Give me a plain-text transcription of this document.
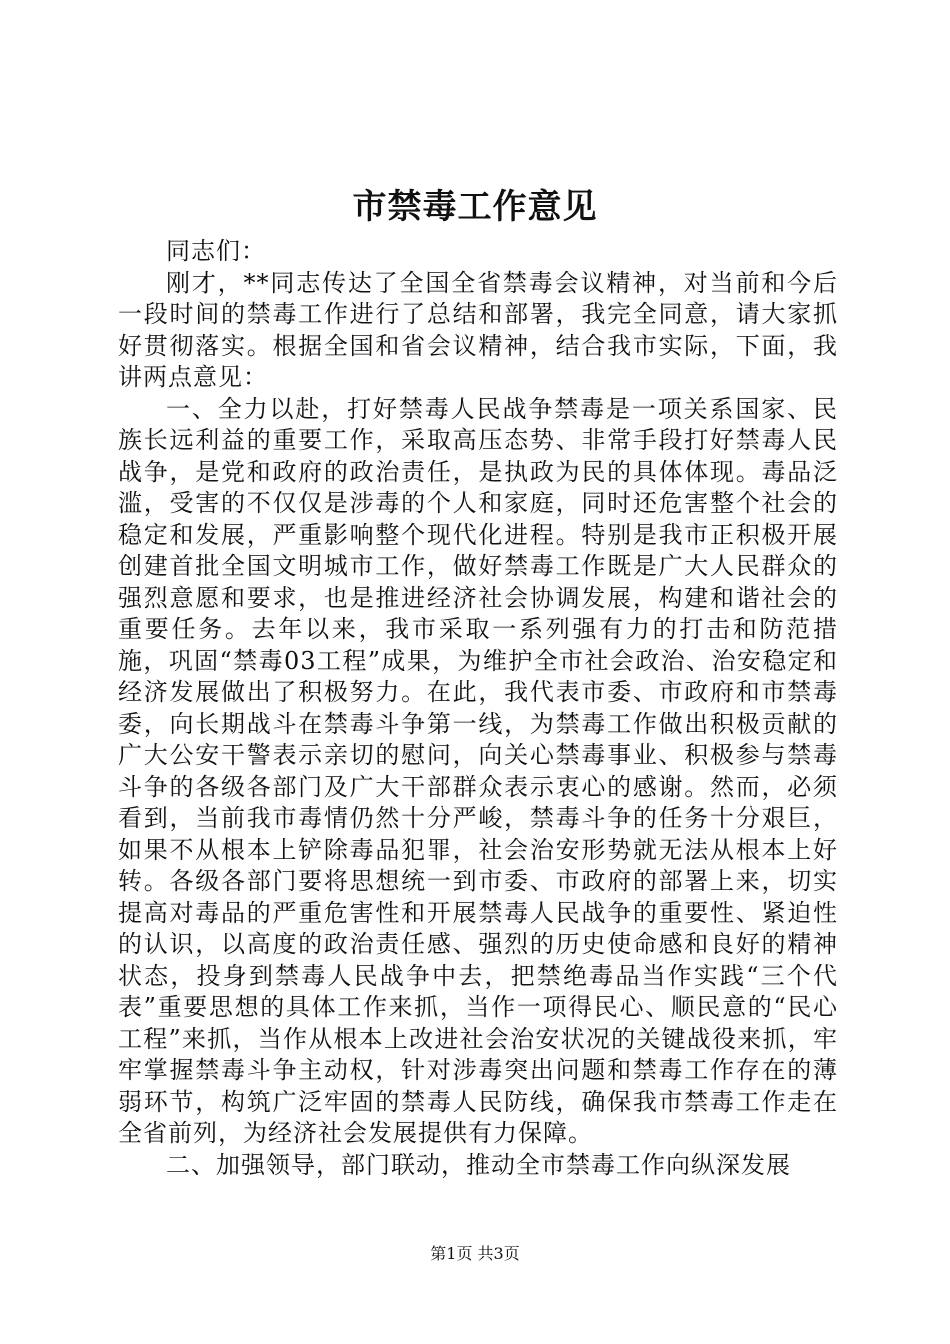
市禁毒工作意见

同志们：

刚才，**同志传达了全国全省禁毒会议精神，对当前和今后一段时间的禁毒工作进行了总结和部署，我完全同意，请大家抓好贯彻落实。根据全国和省会议精神，结合我市实际，下面，我讲两点意见：

一、全力以赴，打好禁毒人民战争禁毒是一项关系国家、民族长远利益的重要工作，采取高压态势、非常手段打好禁毒人民战争，是党和政府的政治责任，是执政为民的具体体现。毒品泛滥，受害的不仅仅是涉毒的个人和家庭，同时还危害整个社会的稳定和发展，严重影响整个现代化进程。特别是我市正积极开展创建首批全国文明城市工作，做好禁毒工作既是广大人民群众的强烈意愿和要求，也是推进经济社会协调发展，构建和谐社会的重要任务。去年以来，我市采取一系列强有力的打击和防范措施，巩固“禁毒03工程”成果，为维护全市社会政治、治安稳定和经济发展做出了积极努力。在此，我代表市委、市政府和市禁毒委，向长期战斗在禁毒斗争第一线，为禁毒工作做出积极贡献的广大公安干警表示亲切的慰问，向关心禁毒事业、积极参与禁毒斗争的各级各部门及广大干部群众表示衷心的感谢。然而，必须看到，当前我市毒情仍然十分严峻，禁毒斗争的任务十分艰巨，如果不从根本上铲除毒品犯罪，社会治安形势就无法从根本上好转。各级各部门要将思想统一到市委、市政府的部署上来，切实提高对毒品的严重危害性和开展禁毒人民战争的重要性、紧迫性的认识，以高度的政治责任感、强烈的历史使命感和良好的精神状态，投身到禁毒人民战争中去，把禁绝毒品当作实践“三个代表”重要思想的具体工作来抓，当作一项得民心、顺民意的“民心工程”来抓，当作从根本上改进社会治安状况的关键战役来抓，牢牢掌握禁毒斗争主动权，针对涉毒突出问题和禁毒工作存在的薄弱环节，构筑广泛牢固的禁毒人民防线，确保我市禁毒工作走在全省前列，为经济社会发展提供有力保障。

二、加强领导，部门联动，推动全市禁毒工作向纵深发展

第1页 共3页
